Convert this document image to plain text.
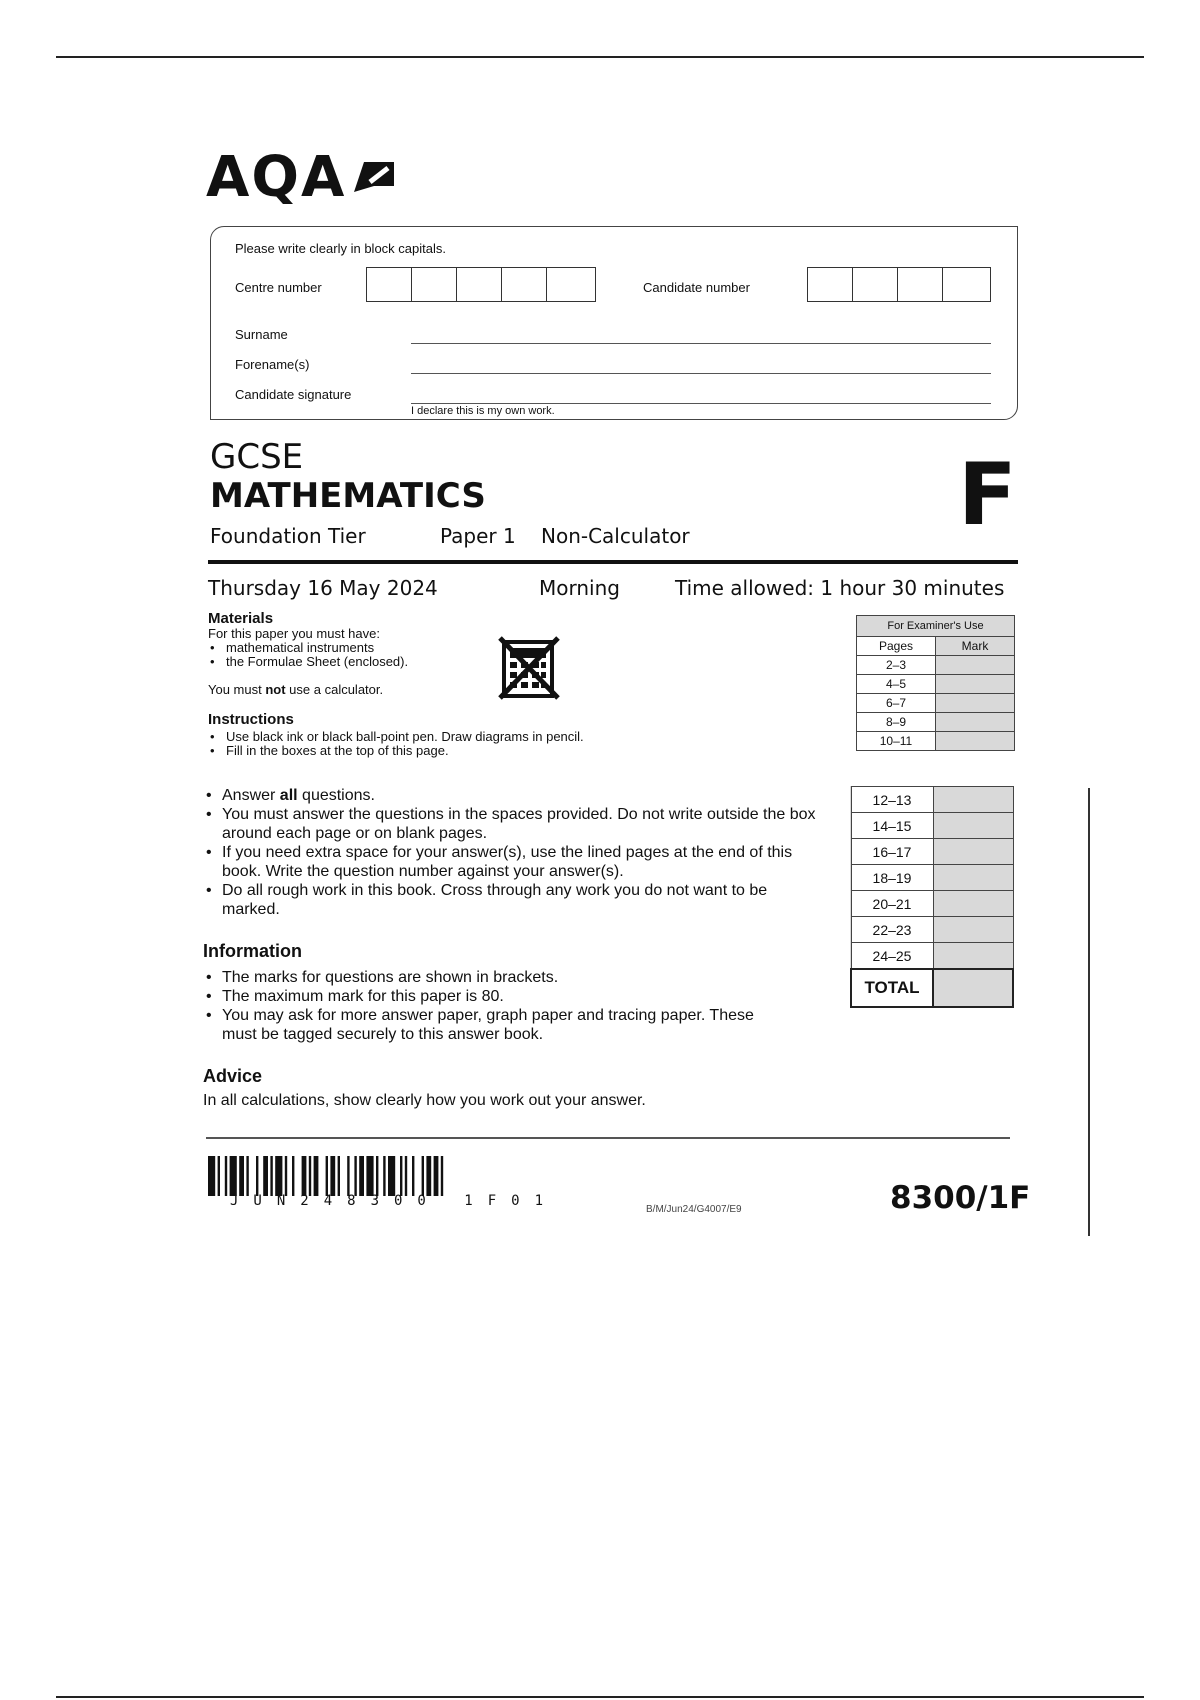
AQA
Please write clearly in block capitals.
Centre number	Candidate number
Surname
Forename(s)
Candidate signature
I declare this is my own work.
GCSE
MATHEMATICS	F
Foundation Tier	Paper 1 Non-Calculator
Thursday 16 May 2024	Morning	Time allowed: 1 hour 30 minutes
Materials
For this paper you must have:
• mathematical instruments
• the Formulae Sheet (enclosed).
You must not use a calculator.
Instructions
• Use black ink or black ball-point pen. Draw diagrams in pencil.
• Fill in the boxes at the top of this page.
For Examiner's Use	
Pages	Mark
2–3	
4–5	
6–7	
8–9	
10–11	
• Answer all questions.
• You must answer the questions in the spaces provided. Do not write outside the box around each page or on blank pages.
• If you need extra space for your answer(s), use the lined pages at the end of this book. Write the question number against your answer(s).
• Do all rough work in this book. Cross through any work you do not want to be marked.
Information
• The marks for questions are shown in brackets.
• The maximum mark for this paper is 80.
• You may ask for more answer paper, graph paper and tracing paper. These must be tagged securely to this answer book.
Advice
In all calculations, show clearly how you work out your answer.
12–13	
14–15	
16–17	
18–19	
20–21	
22–23	
24–25	
TOTAL	
JUN248300 1F01
B/M/Jun24/G4007/E9	8300/1F
